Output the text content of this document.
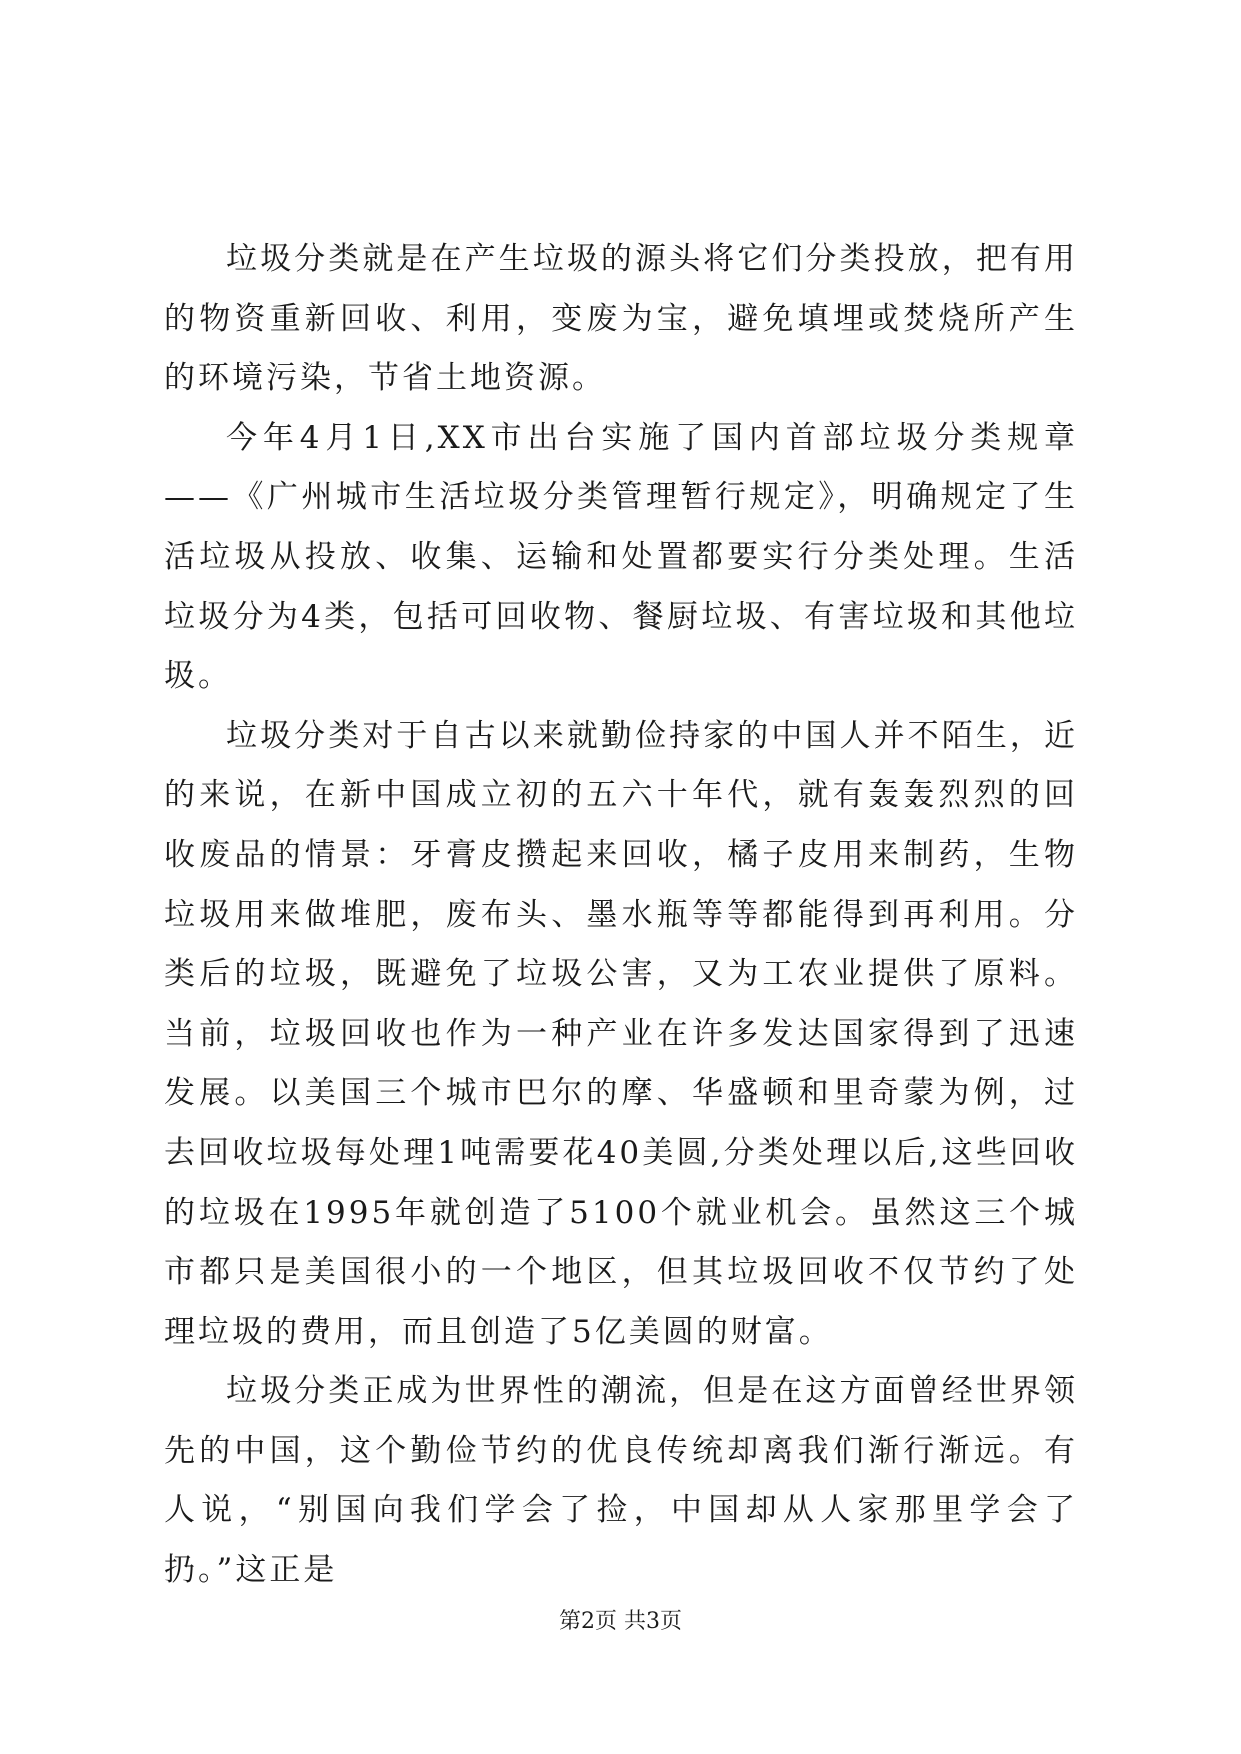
垃圾分类就是在产生垃圾的源头将它们分类投放，把有用的物资重新回收、利用，变废为宝，避免填埋或焚烧所产生的环境污染，节省土地资源。

今年4月1日,XX市出台实施了国内首部垃圾分类规章——《广州城市生活垃圾分类管理暂行规定》，明确规定了生活垃圾从投放、收集、运输和处置都要实行分类处理。生活垃圾分为4类，包括可回收物、餐厨垃圾、有害垃圾和其他垃圾。

垃圾分类对于自古以来就勤俭持家的中国人并不陌生，近的来说，在新中国成立初的五六十年代，就有轰轰烈烈的回收废品的情景：牙膏皮攒起来回收，橘子皮用来制药，生物垃圾用来做堆肥，废布头、墨水瓶等等都能得到再利用。分类后的垃圾，既避免了垃圾公害，又为工农业提供了原料。当前，垃圾回收也作为一种产业在许多发达国家得到了迅速发展。以美国三个城市巴尔的摩、华盛顿和里奇蒙为例，过去回收垃圾每处理1吨需要花40美圆,分类处理以后,这些回收的垃圾在1995年就创造了5100个就业机会。虽然这三个城市都只是美国很小的一个地区，但其垃圾回收不仅节约了处理垃圾的费用，而且创造了5亿美圆的财富。

垃圾分类正成为世界性的潮流，但是在这方面曾经世界领先的中国，这个勤俭节约的优良传统却离我们渐行渐远。有人说，“别国向我们学会了捡，中国却从人家那里学会了扔。”这正是

第2页 共3页
